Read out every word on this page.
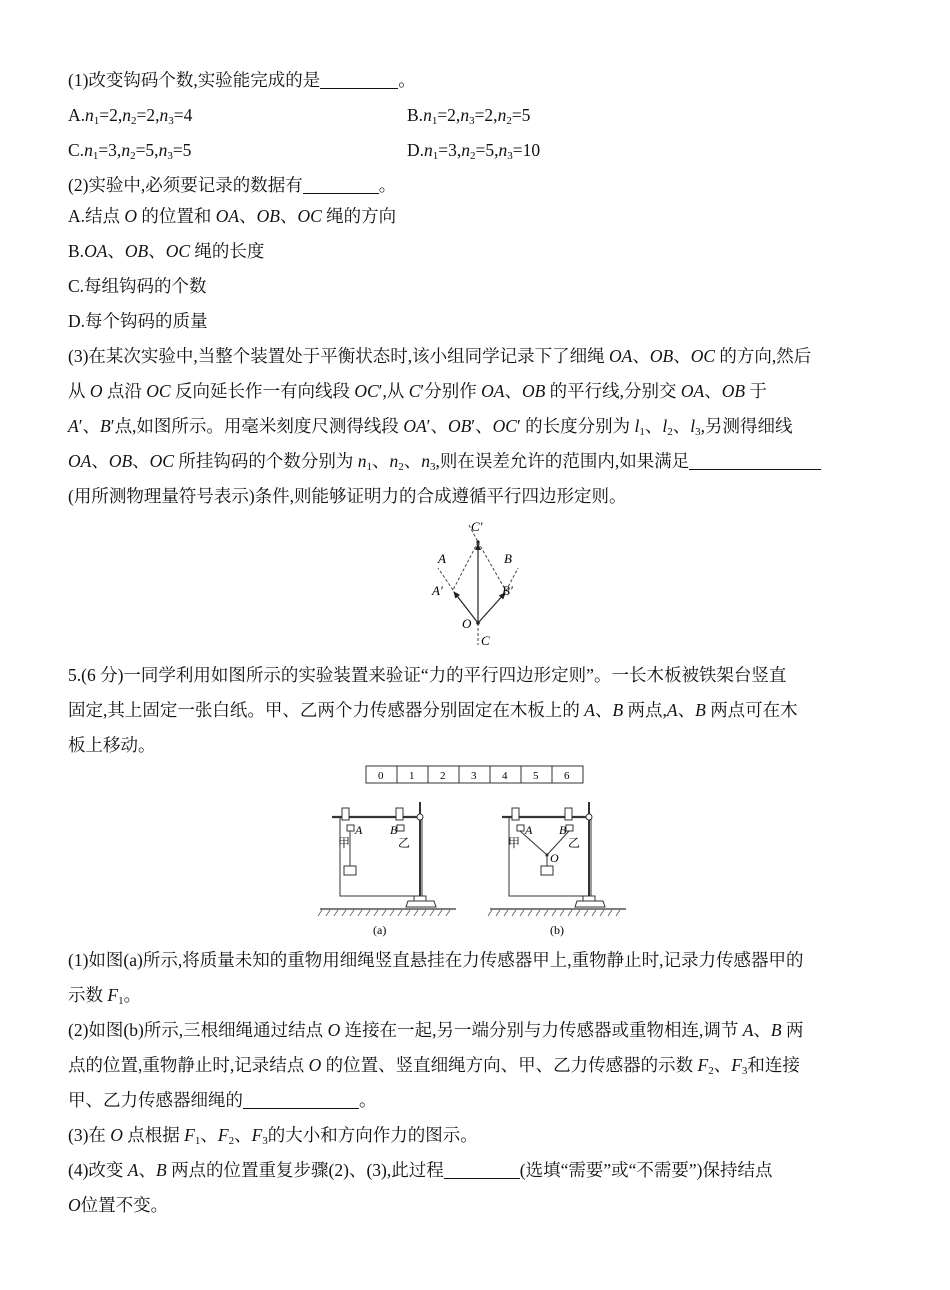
(1)改变钩码个数,实验能完成的是	。
$A.n_1=2,n_2=2,n_3=4$	$B.n_1=2,n_3=2,n_2=5$
$C.n_1=3,n_2=5,n_3=5$	$D.n_1=3,n_2=5,n_3=10$
(2)实验中,必须要记录的数据有	。
A.结点 O 的位置和 OA、OB、OC 绳的方向
B.OA、OB、OC 绳的长度
C.每组钩码的个数
D.每个钩码的质量
(3)在某次实验中,当整个装置处于平衡状态时,该小组同学记录下了细绳 OA、OB、OC 的方向,然后
从 O 点沿 OC 反向延长作一有向线段 OC′,从 C′分别作 OA、OB 的平行线,分别交 OA、OB 于
A′、B′点,如图所示。用毫米刻度尺测得线段 OA′、OB′、OC′ 的长度分别为 $l_1$、$l_2$、$l_3$,另测得细线
OA、OB、OC 所挂钩码的个数分别为 $n_1$、$n_2$、$n_3$,则在误差允许的范围内,如果满足
(用所测物理量符号表示)条件,则能够证明力的合成遵循平行四边形定则。
C′
A	B
A′	B′
O
C
5.(6 分)一同学利用如图所示的实验装置来验证“力的平行四边形定则”。一长木板被铁架台竖直
固定,其上固定一张白纸。甲、乙两个力传感器分别固定在木板上的 A、B 两点,A、B 两点可在木
板上移动。
0 1 2 3 4 5 6
A B
甲	乙
A B
甲	乙
O
(a)	(b)
(1)如图(a)所示,将质量未知的重物用细绳竖直悬挂在力传感器甲上,重物静止时,记录力传感器甲的
示数 $F_1$。
(2)如图(b)所示,三根细绳通过结点 O 连接在一起,另一端分别与力传感器或重物相连,调节 A、B 两
点的位置,重物静止时,记录结点 O 的位置、竖直细绳方向、甲、乙力传感器的示数 $F_2$、$F_3$和连接
甲、乙力传感器细绳的	。
(3)在 O 点根据 $F_1$、$F_2$、$F_3$的大小和方向作力的图示。
(4)改变 A、B 两点的位置重复步骤(2)、(3),此过程	(选填“需要”或“不需要”)保持结点
O位置不变。
